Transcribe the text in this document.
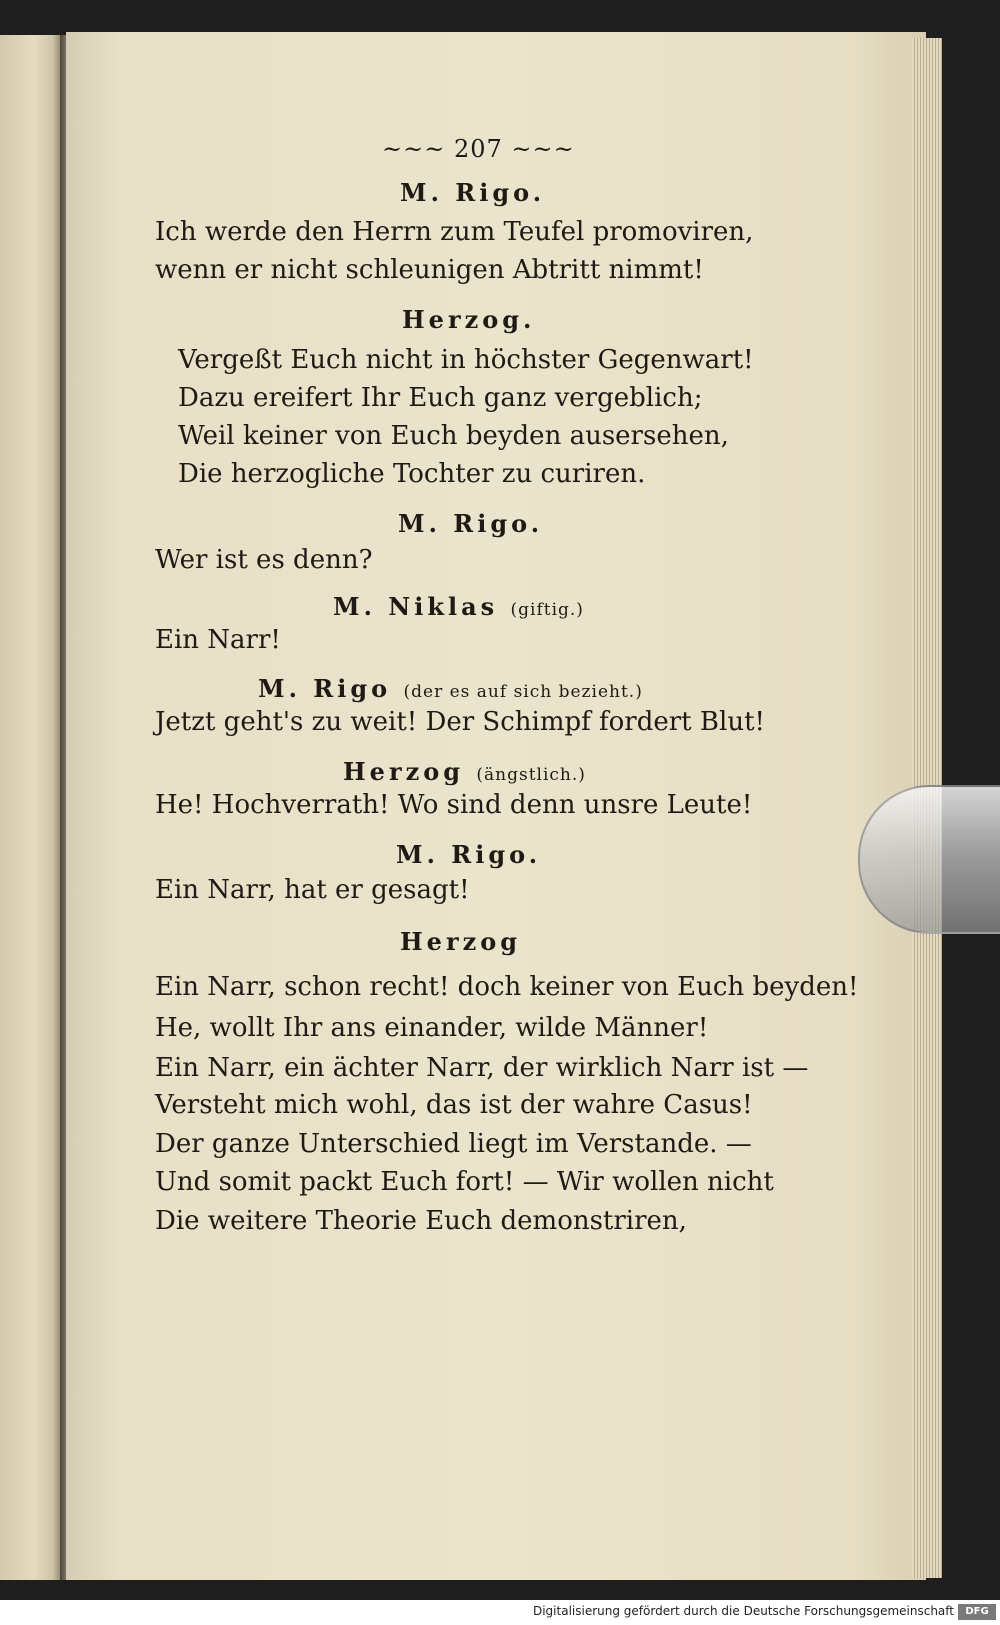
~~~ 207 ~~~
M. Rigo.
Ich werde den Herrn zum Teufel promoviren,
wenn er nicht schleunigen Abtritt nimmt!
Herzog.
Vergeßt Euch nicht in höchster Gegenwart!
Dazu ereifert Ihr Euch ganz vergeblich;
Weil keiner von Euch beyden ausersehen,
Die herzogliche Tochter zu curiren.
M. Rigo.
Wer ist es denn?
M. Niklas (giftig.)
Ein Narr!
M. Rigo (der es auf sich bezieht.)
Jetzt geht's zu weit! Der Schimpf fordert Blut!
Herzog (ängstlich.)
He! Hochverrath! Wo sind denn unsre Leute!
M. Rigo.
Ein Narr, hat er gesagt!
Herzog
Ein Narr, schon recht! doch keiner von Euch beyden!
He, wollt Ihr ans einander, wilde Männer!
Ein Narr, ein ächter Narr, der wirklich Narr ist —
Versteht mich wohl, das ist der wahre Casus!
Der ganze Unterschied liegt im Verstande. —
Und somit packt Euch fort! — Wir wollen nicht
Die weitere Theorie Euch demonstriren,
Digitalisierung gefördert durch die Deutsche Forschungsgemeinschaft	DFG
